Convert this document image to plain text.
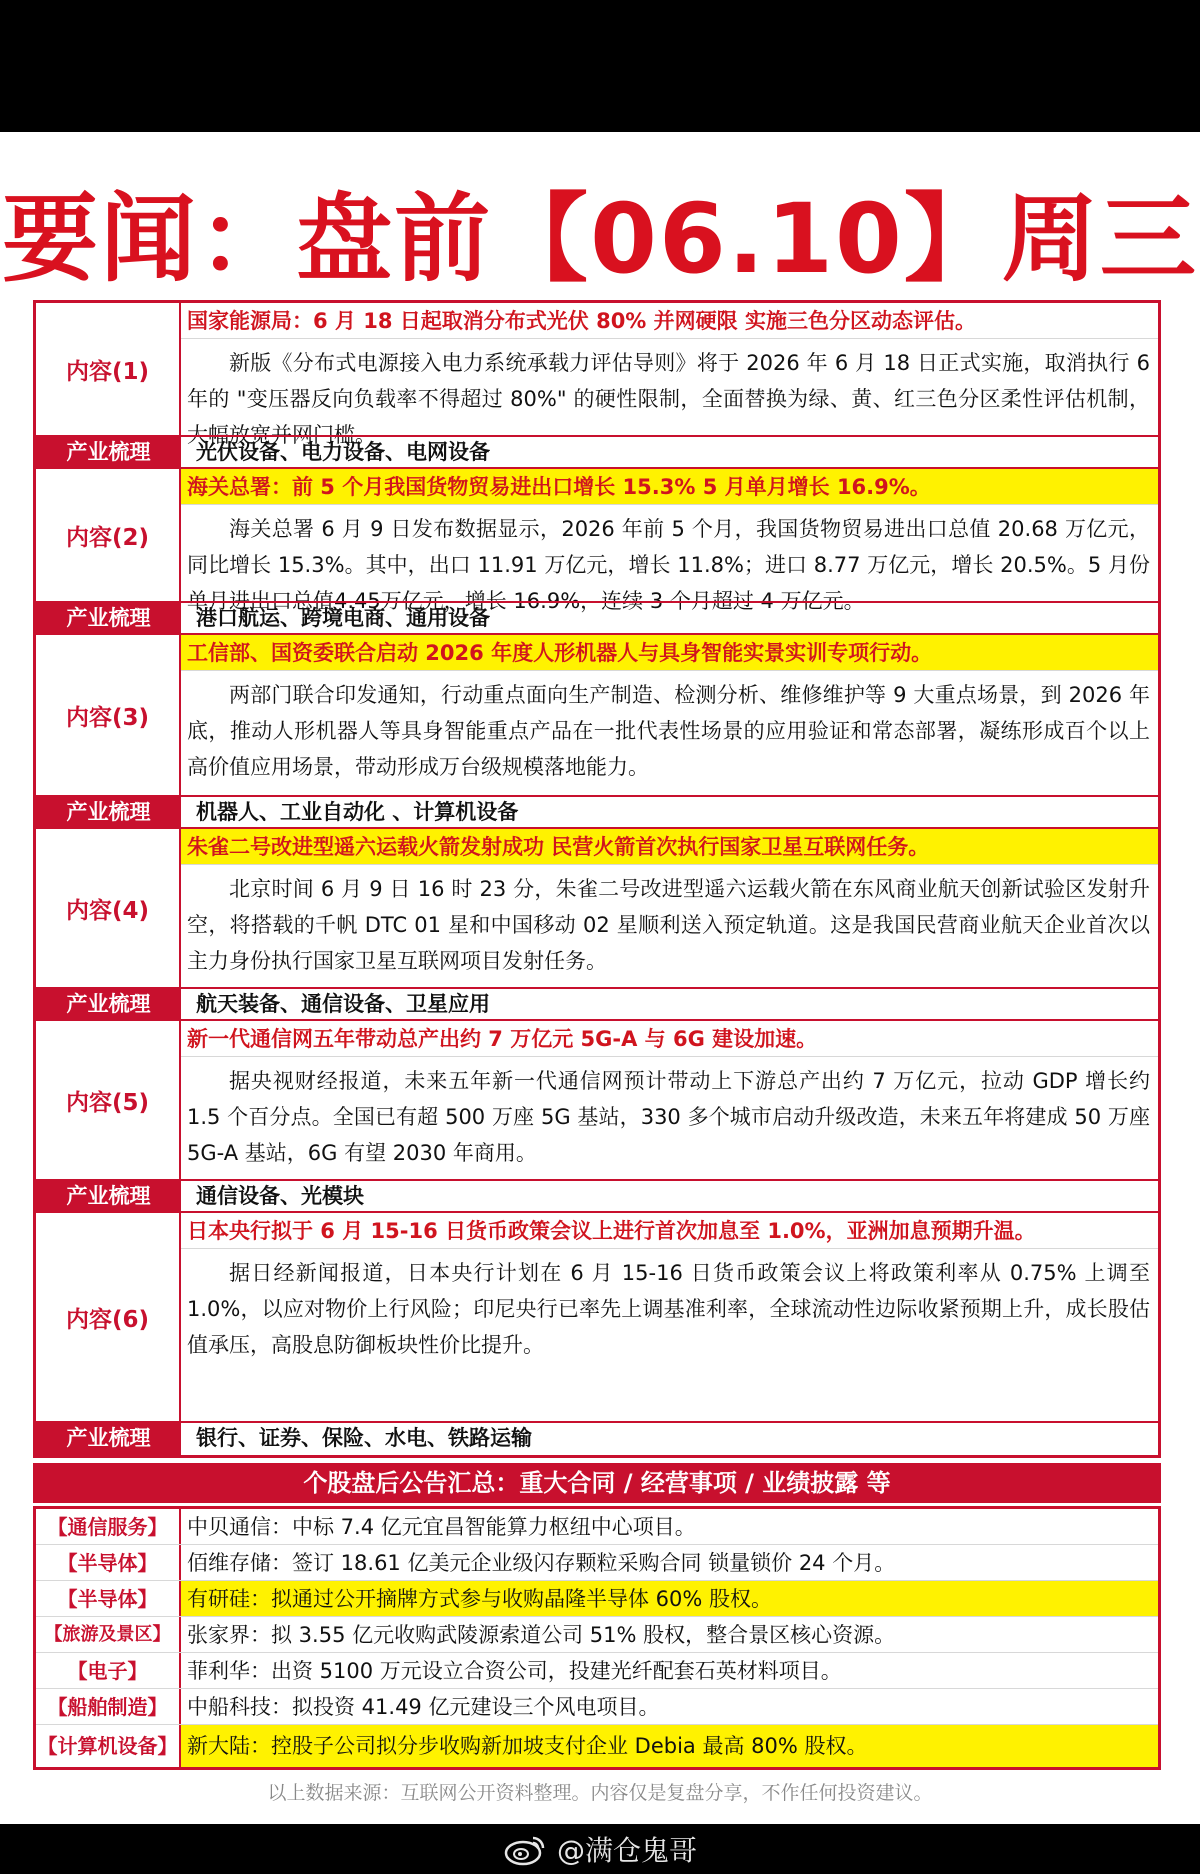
要闻：盘前【06.10】周三
内容(1)
国家能源局：6 月 18 日起取消分布式光伏 80% 并网硬限 实施三色分区动态评估。
新版《分布式电源接入电力系统承载力评估导则》将于 2026 年 6 月 18 日正式实施，取消执行 6 年的 "变压器反向负载率不得超过 80%" 的硬性限制，全面替换为绿、黄、红三色分区柔性评估机制，大幅放宽并网门槛。
产业梳理	光伏设备、电力设备、电网设备
内容(2)
海关总署：前 5 个月我国货物贸易进出口增长 15.3% 5 月单月增长 16.9%。
海关总署 6 月 9 日发布数据显示，2026 年前 5 个月，我国货物贸易进出口总值 20.68 万亿元，同比增长 15.3%。其中，出口 11.91 万亿元，增长 11.8%；进口 8.77 万亿元，增长 20.5%。5 月份单月进出口总值4.45万亿元，增长 16.9%，连续 3 个月超过 4 万亿元。
产业梳理	港口航运、跨境电商、通用设备
内容(3)
工信部、国资委联合启动 2026 年度人形机器人与具身智能实景实训专项行动。
两部门联合印发通知，行动重点面向生产制造、检测分析、维修维护等 9 大重点场景，到 2026 年底，推动人形机器人等具身智能重点产品在一批代表性场景的应用验证和常态部署，凝练形成百个以上高价值应用场景，带动形成万台级规模落地能力。
产业梳理	机器人、工业自动化 、计算机设备
内容(4)
朱雀二号改进型遥六运载火箭发射成功 民营火箭首次执行国家卫星互联网任务。
北京时间 6 月 9 日 16 时 23 分，朱雀二号改进型遥六运载火箭在东风商业航天创新试验区发射升空，将搭载的千帆 DTC 01 星和中国移动 02 星顺利送入预定轨道。这是我国民营商业航天企业首次以主力身份执行国家卫星互联网项目发射任务。
产业梳理	航天装备、通信设备、卫星应用
内容(5)
新一代通信网五年带动总产出约 7 万亿元 5G-A 与 6G 建设加速。
据央视财经报道，未来五年新一代通信网预计带动上下游总产出约 7 万亿元，拉动 GDP 增长约 1.5 个百分点。全国已有超 500 万座 5G 基站，330 多个城市启动升级改造，未来五年将建成 50 万座 5G-A 基站，6G 有望 2030 年商用。
产业梳理	通信设备、光模块
内容(6)
日本央行拟于 6 月 15-16 日货币政策会议上进行首次加息至 1.0%，亚洲加息预期升温。
据日经新闻报道，日本央行计划在 6 月 15-16 日货币政策会议上将政策利率从 0.75% 上调至 1.0%，以应对物价上行风险；印尼央行已率先上调基准利率，全球流动性边际收紧预期上升，成长股估值承压，高股息防御板块性价比提升。
产业梳理	银行、证券、保险、水电、铁路运输
个股盘后公告汇总：重大合同 / 经营事项 / 业绩披露 等
【通信服务】 中贝通信：中标 7.4 亿元宜昌智能算力枢纽中心项目。
【半导体】	佰维存储：签订 18.61 亿美元企业级闪存颗粒采购合同 锁量锁价 24 个月。
【半导体】	有研硅：拟通过公开摘牌方式参与收购晶隆半导体 60% 股权。
【旅游及景区】 张家界：拟 3.55 亿元收购武陵源索道公司 51% 股权，整合景区核心资源。
【电子】	菲利华：出资 5100 万元设立合资公司，投建光纤配套石英材料项目。
【船舶制造】 中船科技：拟投资 41.49 亿元建设三个风电项目。
【计算机设备】 新大陆：控股子公司拟分步收购新加坡支付企业 Debia 最高 80% 股权。
以上数据来源：互联网公开资料整理。内容仅是复盘分享，不作任何投资建议。
@满仓鬼哥
